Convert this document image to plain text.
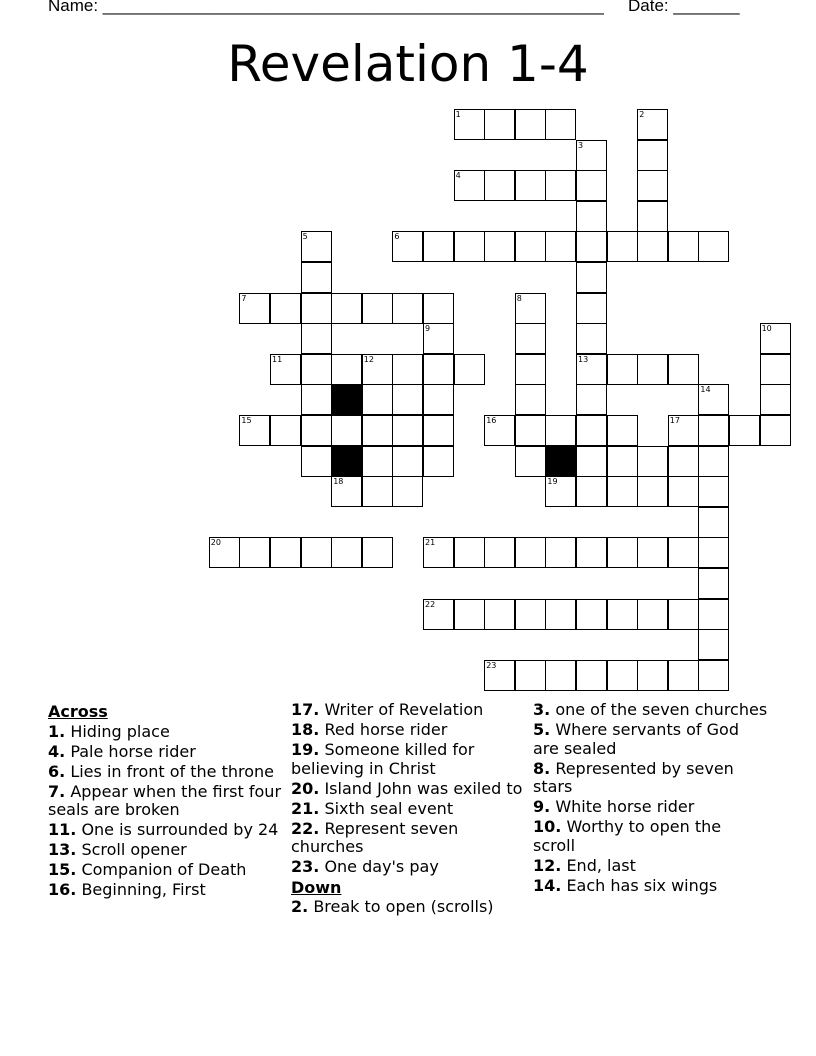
Name: _____________________________________________________ Date: _______
Revelation 1-4
1	2
3
4
5	6
7	8
9	10
11	12	13
14
15	16	17
18	19
20	21
22
23
Across
1. Hiding place
4. Pale horse rider
6. Lies in front of the throne
7. Appear when the first four seals are broken
11. One is surrounded by 24
13. Scroll opener
15. Companion of Death
16. Beginning, First
17. Writer of Revelation
18. Red horse rider
19. Someone killed for believing in Christ
20. Island John was exiled to
21. Sixth seal event
22. Represent seven churches
23. One day's pay
Down
2. Break to open (scrolls)
3. one of the seven churches
5. Where servants of God are sealed
8. Represented by seven stars
9. White horse rider
10. Worthy to open the scroll
12. End, last
14. Each has six wings
